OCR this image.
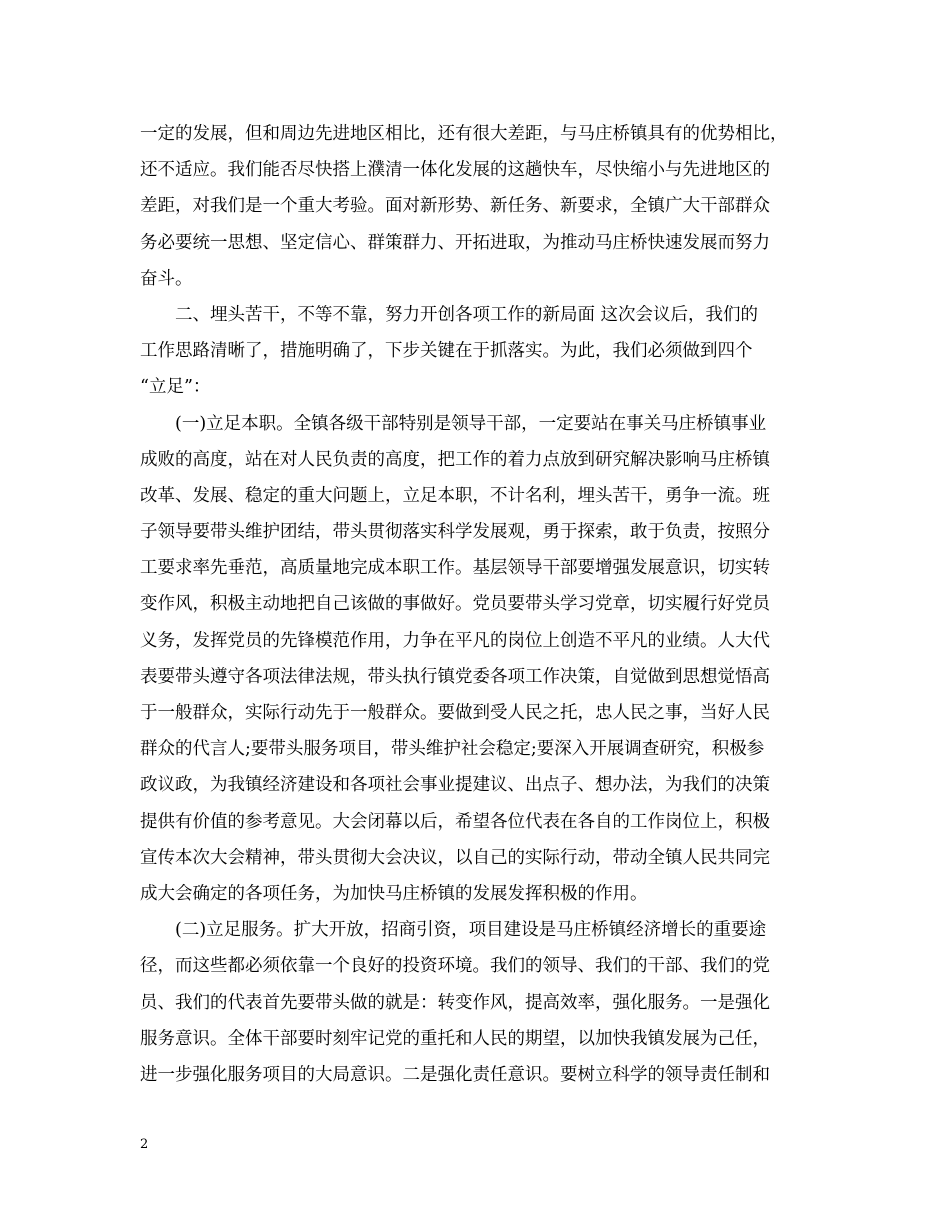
一定的发展，但和周边先进地区相比，还有很大差距，与马庄桥镇具有的优势相比，
还不适应。我们能否尽快搭上濮清一体化发展的这趟快车，尽快缩小与先进地区的
差距，对我们是一个重大考验。面对新形势、新任务、新要求，全镇广大干部群众
务必要统一思想、坚定信心、群策群力、开拓进取，为推动马庄桥快速发展而努力
奋斗。
二、埋头苦干，不等不靠，努力开创各项工作的新局面 这次会议后，我们的
工作思路清晰了，措施明确了，下步关键在于抓落实。为此，我们必须做到四个
“立足”：
(一)立足本职。全镇各级干部特别是领导干部，一定要站在事关马庄桥镇事业
成败的高度，站在对人民负责的高度，把工作的着力点放到研究解决影响马庄桥镇
改革、发展、稳定的重大问题上，立足本职，不计名利，埋头苦干，勇争一流。班
子领导要带头维护团结，带头贯彻落实科学发展观，勇于探索，敢于负责，按照分
工要求率先垂范，高质量地完成本职工作。基层领导干部要增强发展意识，切实转
变作风，积极主动地把自己该做的事做好。党员要带头学习党章，切实履行好党员
义务，发挥党员的先锋模范作用，力争在平凡的岗位上创造不平凡的业绩。人大代
表要带头遵守各项法律法规，带头执行镇党委各项工作决策，自觉做到思想觉悟高
于一般群众，实际行动先于一般群众。要做到受人民之托，忠人民之事，当好人民
群众的代言人;要带头服务项目，带头维护社会稳定;要深入开展调查研究，积极参
政议政，为我镇经济建设和各项社会事业提建议、出点子、想办法，为我们的决策
提供有价值的参考意见。大会闭幕以后，希望各位代表在各自的工作岗位上，积极
宣传本次大会精神，带头贯彻大会决议，以自己的实际行动，带动全镇人民共同完
成大会确定的各项任务，为加快马庄桥镇的发展发挥积极的作用。
(二)立足服务。扩大开放，招商引资，项目建设是马庄桥镇经济增长的重要途
径，而这些都必须依靠一个良好的投资环境。我们的领导、我们的干部、我们的党
员、我们的代表首先要带头做的就是：转变作风，提高效率，强化服务。一是强化
服务意识。全体干部要时刻牢记党的重托和人民的期望，以加快我镇发展为己任，
进一步强化服务项目的大局意识。二是强化责任意识。要树立科学的领导责任制和
2
